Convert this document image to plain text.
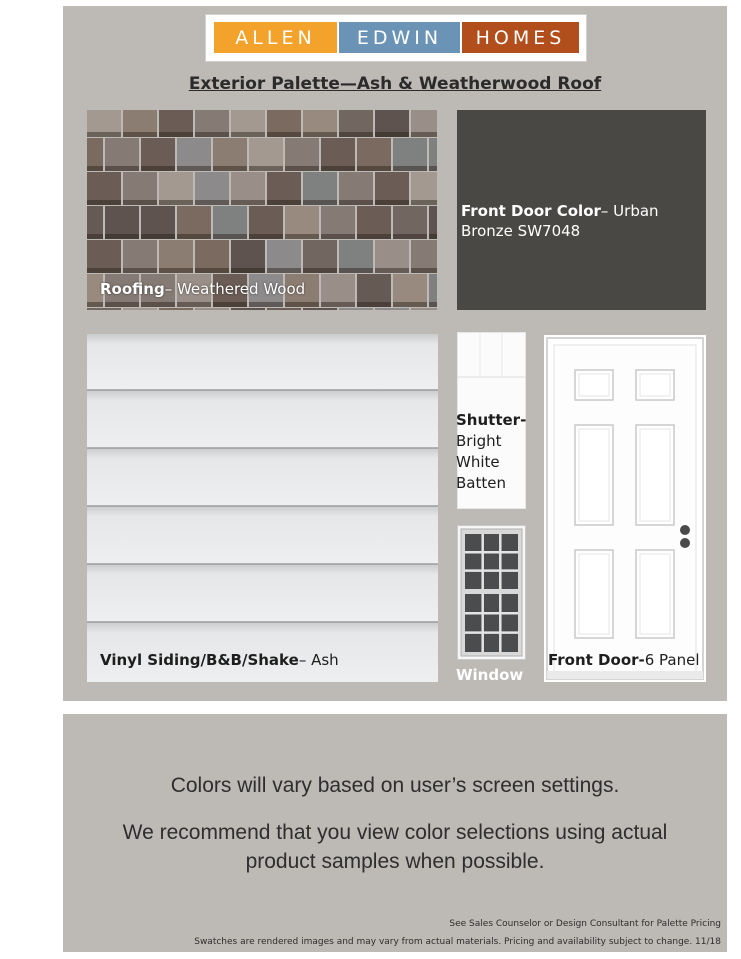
ALLEN	EDWIN	HOMES
Exterior Palette—Ash & Weatherwood Roof
Roofing– Weathered Wood
Front Door Color– Urban Bronze SW7048
Vinyl Siding/B&B/Shake– Ash
Shutter-
Bright White Batten
Window
Front Door-6 Panel
Colors will vary based on user’s screen settings.
We recommend that you view color selections using actual product samples when possible.
See Sales Counselor or Design Consultant for Palette Pricing
Swatches are rendered images and may vary from actual materials. Pricing and availability subject to change. 11/18
